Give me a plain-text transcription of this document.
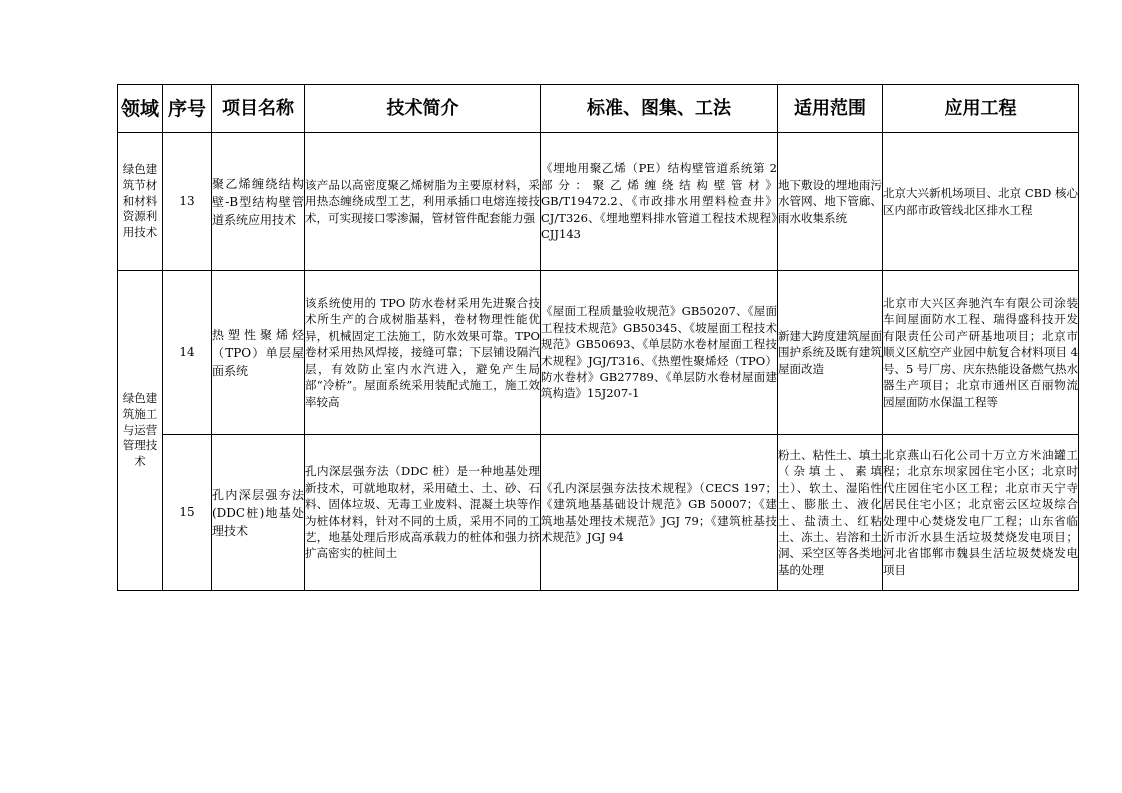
领域	序号	项目名称	技术简介	标准、图集、工法	适用范围	应用工程
绿色建筑节材和材料资源利用技术	13	聚乙烯缠绕结构壁-B型结构壁管道系统应用技术	该产品以高密度聚乙烯树脂为主要原材料，采用热态缠绕成型工艺，利用承插口电熔连接技术，可实现接口零渗漏，管材管件配套能力强	《埋地用聚乙烯（PE）结构壁管道系统第 2 部分：聚乙烯缠绕结构壁管材》GB/T19472.2、《市政排水用塑料检查井》CJ/T326、《埋地塑料排水管道工程技术规程》CJJ143	地下敷设的埋地雨污水管网、地下管廊、雨水收集系统	北京大兴新机场项目、北京 CBD 核心区内部市政管线北区排水工程
绿色建筑施工与运营管理技术	14	热塑性聚烯烃（TPO）单层屋面系统	该系统使用的 TPO 防水卷材采用先进聚合技术所生产的合成树脂基料，卷材物理性能优异，机械固定工法施工，防水效果可靠。TPO 卷材采用热风焊接，接缝可靠；下层铺设隔汽层，有效防止室内水汽进入，避免产生局部“冷桥”。屋面系统采用装配式施工，施工效率较高	《屋面工程质量验收规范》GB50207、《屋面工程技术规范》GB50345、《坡屋面工程技术规范》GB50693、《单层防水卷材屋面工程技术规程》JGJ/T316、《热塑性聚烯烃（TPO）防水卷材》GB27789、《单层防水卷材屋面建筑构造》15J207-1	新建大跨度建筑屋面围护系统及既有建筑屋面改造	北京市大兴区奔驰汽车有限公司涂装车间屋面防水工程、瑞得盛科技开发有限责任公司产研基地项目；北京市顺义区航空产业园中航复合材料项目 4 号、5 号厂房、庆东热能设备燃气热水器生产项目；北京市通州区百丽物流园屋面防水保温工程等
	15	孔内深层强夯法(DDC桩)地基处理技术	孔内深层强夯法（DDC 桩）是一种地基处理新技术，可就地取材，采用碴土、土、砂、石料、固体垃圾、无毒工业废料、混凝土块等作为桩体材料，针对不同的土质，采用不同的工艺，地基处理后形成高承载力的桩体和强力挤扩高密实的桩间土	《孔内深层强夯法技术规程》（CECS 197；《建筑地基基础设计规范》GB 50007；《建筑地基处理技术规范》JGJ 79；《建筑桩基技术规范》JGJ 94	粉土、粘性土、填土（杂填土、素填土）、软土、湿陷性土、膨胀土、液化土、盐渍土、红粘土、冻土、岩溶和土洞、采空区等各类地基的处理	北京燕山石化公司十万立方米油罐工程；北京东坝家园住宅小区；北京时代庄园住宅小区工程；北京市天宁寺居民住宅小区；北京密云区垃圾综合处理中心焚烧发电厂工程；山东省临沂市沂水县生活垃圾焚烧发电项目；河北省邯郸市魏县生活垃圾焚烧发电项目
